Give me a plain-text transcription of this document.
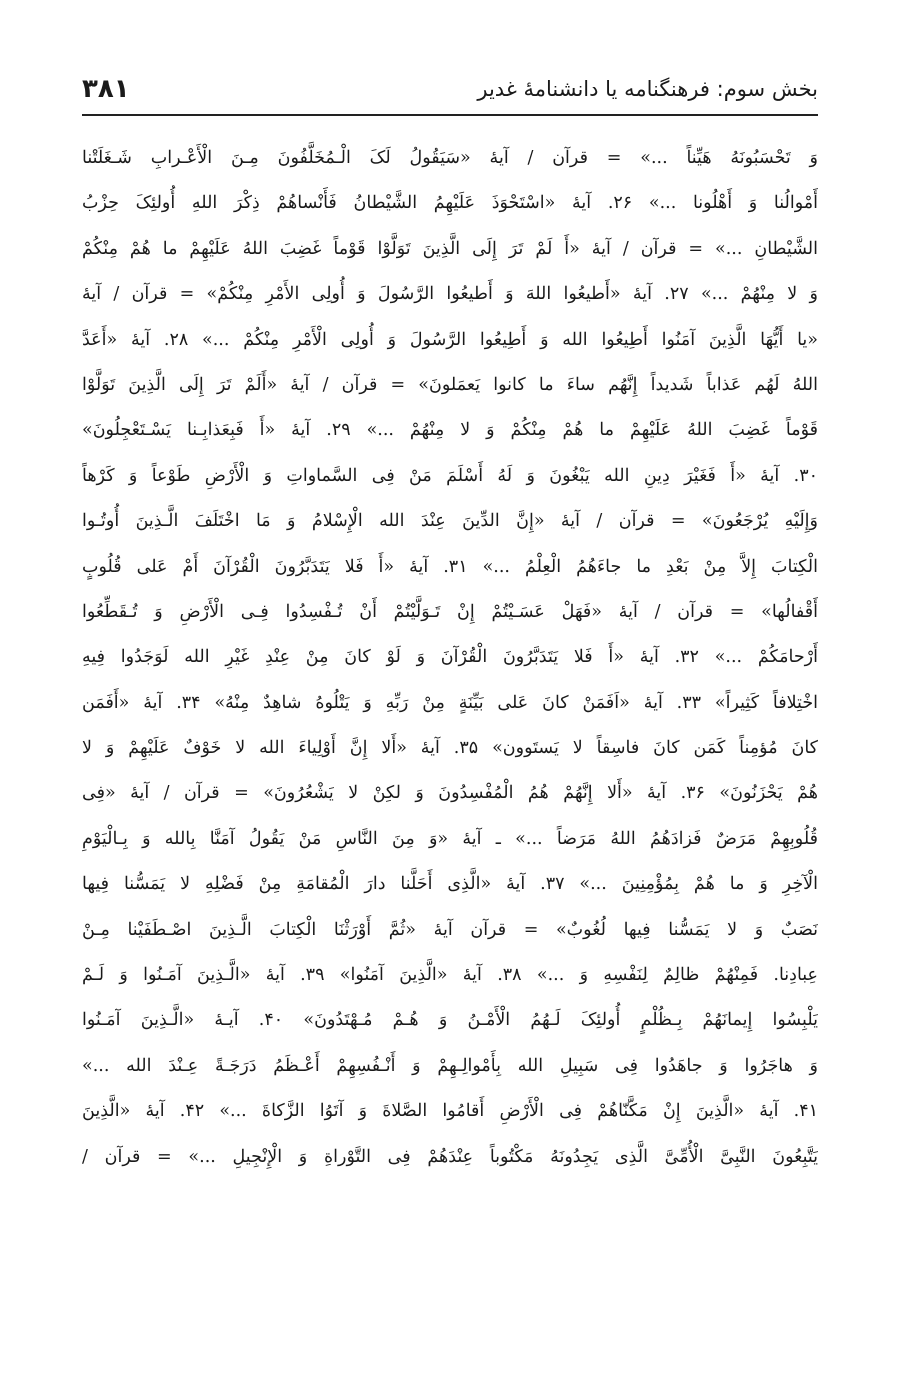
بخش سوم: فرهنگنامه یا دانشنامهٔ غدیر
۳۸۱
وَ تَحْسَبُونَهُ هَيِّناً ...» = قرآن / آيهٔ «سَيَقُولُ لَکَ الْـمُخَلَّفُونَ مِـنَ الْأَعْـرابِ شَـغَلَتْنا
أَمْوالُنا وَ أَهْلُونا ...» ۲۶. آيهٔ «اسْتَحْوَذَ عَلَيْهِمُ الشَّيْطانُ فَأَنْساهُمْ ذِکْرَ اللهِ أُولئِکَ حِزْبُ
الشَّيْطانِ ...» = قرآن / آيهٔ «أَ لَمْ تَرَ إِلَى الَّذِينَ تَوَلَّوْا قَوْماً غَضِبَ اللهُ عَلَيْهِمْ ما هُمْ مِنْكُمْ
وَ لا مِنْهُمْ ...» ۲۷. آيهٔ «أَطيعُوا اللهَ وَ أَطيعُوا الرَّسُولَ وَ أُولِی الأَمْرِ مِنْكُمْ» = قرآن / آيهٔ
«يا أَيُّهَا الَّذِينَ آمَنُوا أَطِيعُوا الله وَ أَطِيعُوا الرَّسُولَ وَ أُولِی الْأَمْرِ مِنْكُمْ ...» ۲۸. آيهٔ «أَعَدَّ
اللهُ لَهُم عَذاباً شَديداً إِنَّهُم ساءَ ما كانوا يَعمَلونَ» = قرآن / آيهٔ «أَلَمْ تَرَ إِلَى الَّذِينَ تَوَلَّوْا
قَوْماً غَضِبَ اللهُ عَلَيْهِمْ ما هُمْ مِنْكُمْ وَ لا مِنْهُمْ ...» ۲۹. آيهٔ «أَ فَبِعَذابِـنا يَسْـتَعْجِلُونَ»
۳۰. آيهٔ «أَ فَغَيْرَ دِينِ الله يَبْغُونَ وَ لَهُ أَسْلَمَ مَنْ فِی السَّماواتِ وَ الْأَرْضِ طَوْعاً وَ كَرْهاً
وَإِلَيْهِ يُرْجَعُونَ» = قرآن / آيهٔ «إِنَّ الدِّينَ عِنْدَ الله الْإِسْلامُ وَ مَا اخْتَلَفَ الَّـذِينَ أُوتُـوا
الْكِتابَ إِلاَّ مِنْ بَعْدِ ما جاءَهُمُ الْعِلْمُ ...» ۳۱. آيهٔ «أَ فَلا يَتَدَبَّرُونَ الْقُرْآنَ أَمْ عَلى قُلُوبٍ
أَقْفالُها» = قرآن / آيهٔ «فَهَلْ عَسَـيْتُمْ إِنْ تَـوَلَّيْتُمْ أَنْ تُـفْسِدُوا فِـی الْأَرْضِ وَ تُـقَطِّعُوا
أَرْحامَكُمْ ...» ۳۲. آيهٔ «أَ فَلا يَتَدَبَّرُونَ الْقُرْآنَ وَ لَوْ كانَ مِنْ عِنْدِ غَيْرِ الله لَوَجَدُوا فِيهِ
اخْتِلافاً كَثِيراً» ۳۳. آيهٔ «اَفَمَنْ كانَ عَلى بَيِّنَةٍ مِنْ رَبِّهِ وَ يَتْلُوهُ شاهِدٌ مِنْهُ» ۳۴. آيهٔ «أَفَمَن
كانَ مُؤمِناً كَمَن كانَ فاسِقاً لا يَستَوون» ۳۵. آيهٔ «أَلا إِنَّ أَوْلِياءَ الله لا خَوْفٌ عَلَيْهِمْ وَ لا
هُمْ يَحْزَنُونَ» ۳۶. آيهٔ «أَلا إِنَّهُمْ هُمُ الْمُفْسِدُونَ وَ لكِنْ لا يَشْعُرُونَ» = قرآن / آيهٔ «فِی
قُلُوبِهِمْ مَرَضٌ فَزادَهُمُ اللهُ مَرَضاً ...» ـ آيهٔ «وَ مِنَ النَّاسِ مَنْ يَقُولُ آمَنَّا بِالله وَ بِـالْيَوْمِ
الْآخِرِ وَ ما هُمْ بِمُؤْمِنِينَ ...» ۳۷. آيهٔ «الَّذِی أَحَلَّنا دارَ الْمُقامَةِ مِنْ فَضْلِهِ لا يَمَسُّنا فِيها
نَصَبٌ وَ لا يَمَسُّنا فِيها لُغُوبٌ» = قرآن آيهٔ «ثُمَّ أَوْرَثْنَا الْكِتابَ الَّـذِينَ اصْـطَفَيْنا مِـنْ
عِبادِنا. فَمِنْهُمْ ظالِمٌ لِنَفْسِهِ وَ ...» ۳۸. آيهٔ «الَّذِينَ آمَنُوا» ۳۹. آيهٔ «الَّـذِينَ آمَـنُوا وَ لَـمْ
يَلْبِسُوا إِيمانَهُمْ بِـظُلْمٍ أُولئِکَ لَـهُمُ الْأَمْـنُ وَ هُـمْ مُـهْتَدُونَ» ۴۰. آيـهٔ «الَّـذِينَ آمَـنُوا
وَ هاجَرُوا وَ جاهَدُوا فِی سَبِيلِ الله بِأَمْوالِـهِمْ وَ أَنْـفُسِهِمْ أَعْـظَمُ دَرَجَـةً عِـنْدَ الله ...»
۴۱. آيهٔ «الَّذِينَ إِنْ مَكَّنّاهُمْ فِی الْأَرْضِ أَقامُوا الصَّلاةَ وَ آتَوُا الزَّكاةَ ...» ۴۲. آيهٔ «الَّذِينَ
يَتَّبِعُونَ النَّبِیَّ الْأُمِّیَّ الَّذِی يَجِدُونَهُ مَكْتُوباً عِنْدَهُمْ فِی التَّوْراةِ وَ الْإِنْجِيلِ ...» = قرآن /
